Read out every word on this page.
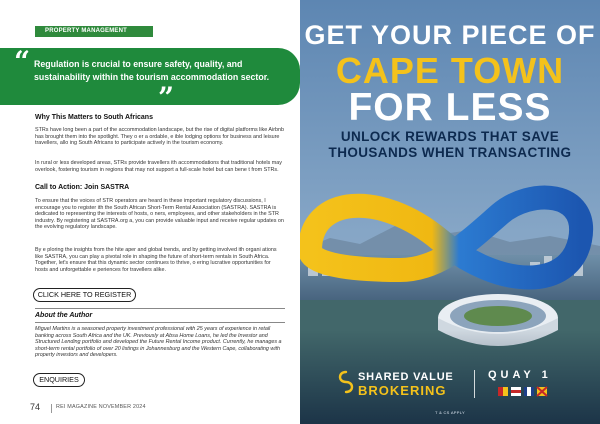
PROPERTY MANAGEMENT
“ Regulation is crucial to ensure safety, quality, and sustainability within the tourism accommodation sector.
”
Why This Matters to South Africans
STRs have long been a part of the accommodation landscape, but the rise of digital platforms like Airbnb has brought them into the spotlight. They o er a ordable, e ible lodging options for business and leisure travellers, allo ing South Africans to participate actively in the tourism economy.
In rural or less developed areas, STRs provide travellers ith accommodations that traditional hotels may overlook, fostering tourism in regions that may not support a full-scale hotel but can bene t from STRs.
Call to Action: Join SASTRA
To ensure that the voices of STR operators are heard in these important regulatory discussions, I encourage you to register ith the South African Short-Term Rental Association (SASTRA). SASTRA is dedicated to representing the interests of hosts, o ners, employees, and other stakeholders in the STR industry. By registering at SASTRA.org a, you can provide valuable input and receive regular updates on the evolving regulatory landscape.
By e ploring the insights from the hite aper and global trends, and by getting involved ith organi ations like SASTRA, you can play a pivotal role in shaping the future of short-term rentals in South Africa. Together, let's ensure that this dynamic sector continues to thrive, o ering lucrative opportunities for hosts and unforgettable e periences for travellers alike.
CLICK HERE TO REGISTER
About the Author
Miguel Martins is a seasoned property investment professional with 25 years of experience in retail banking across South Africa and the UK. Previously at Absa Home Loans, he led the Investor and Structured Lending portfolio and developed the Future Rental Income product. Currently, he manages a short-term rental portfolio of over 20 listings in Johannesburg and the Western Cape, collaborating with property investors and developers.
ENQUIRIES
74	REI MAGAZINE NOVEMBER 2024
GET YOUR PIECE OF
CAPE TOWN
FOR LESS
UNLOCK REWARDS THAT SAVE
THOUSANDS WHEN TRANSACTING
SHARED VALUE
BROKERING
QUAY 1
T & CS APPLY
